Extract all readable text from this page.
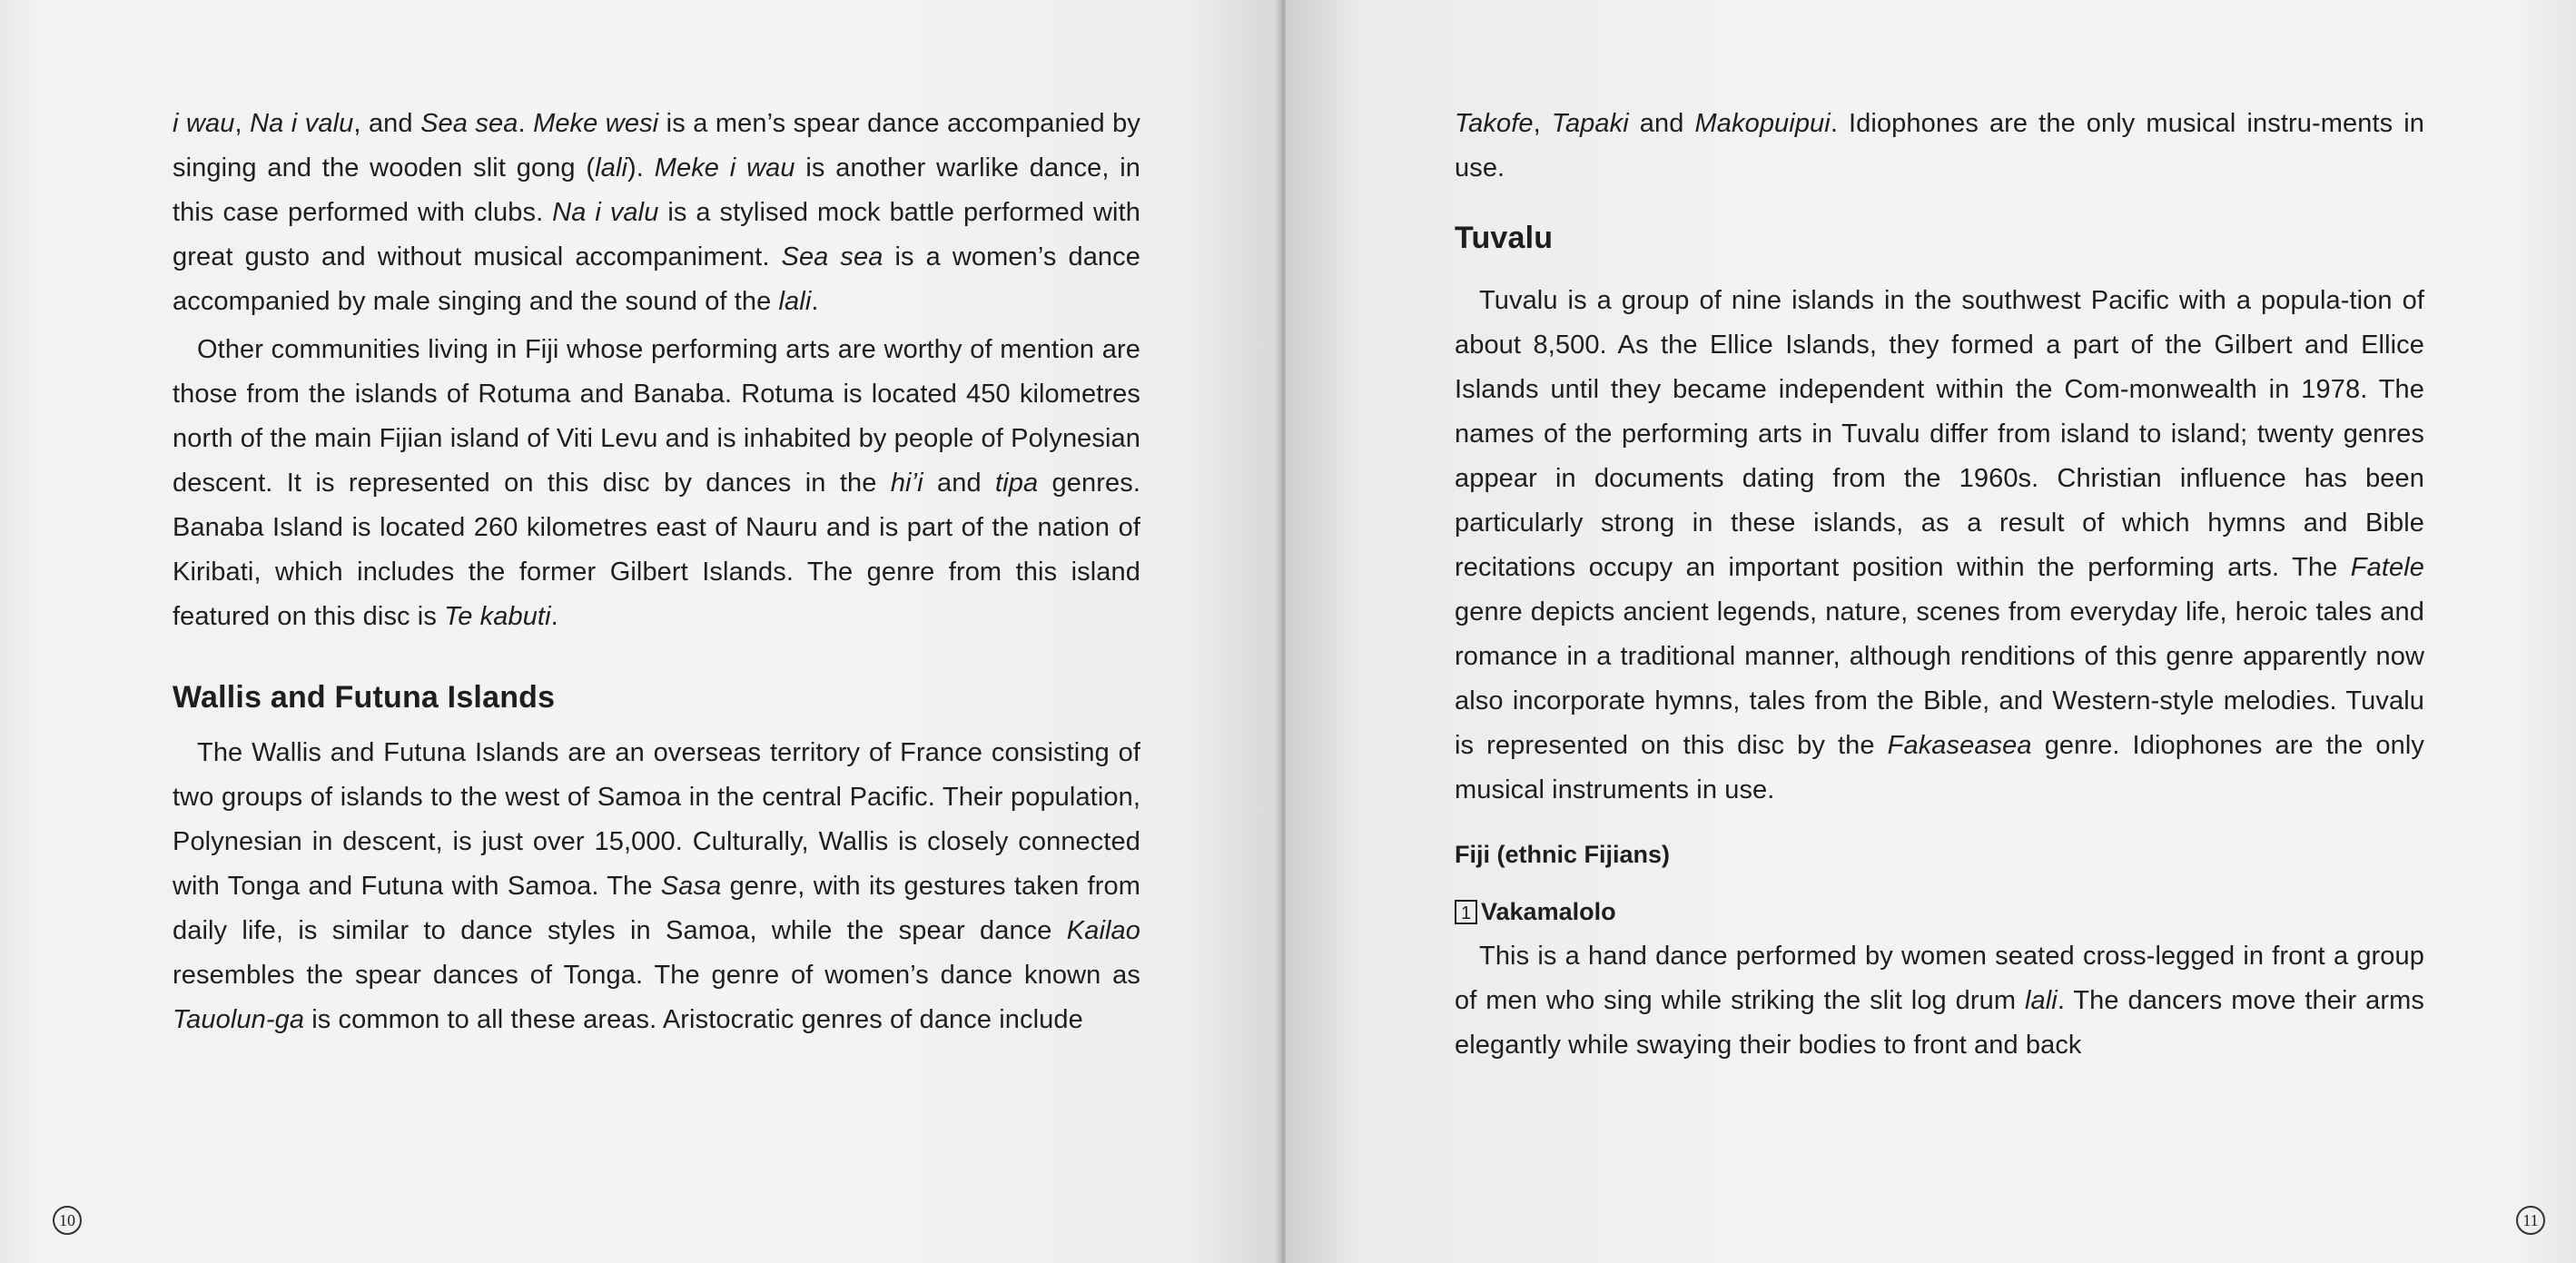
i wau, Na i valu, and Sea sea. Meke wesi is a men’s spear dance accompanied by singing and the wooden slit gong (lali). Meke i wau is another warlike dance, in this case performed with clubs. Na i valu is a stylised mock battle performed with great gusto and without musical accompaniment. Sea sea is a women’s dance accompanied by male singing and the sound of the lali.

Other communities living in Fiji whose performing arts are worthy of mention are those from the islands of Rotuma and Banaba. Rotuma is located 450 kilometres north of the main Fijian island of Viti Levu and is inhabited by people of Polynesian descent. It is represented on this disc by dances in the hi’i and tipa genres. Banaba Island is located 260 kilometres east of Nauru and is part of the nation of Kiribati, which includes the former Gilbert Islands. The genre from this island featured on this disc is Te kabuti.

Wallis and Futuna Islands

The Wallis and Futuna Islands are an overseas territory of France consisting of two groups of islands to the west of Samoa in the central Pacific. Their population, Polynesian in descent, is just over 15,000. Culturally, Wallis is closely connected with Tonga and Futuna with Samoa. The Sasa genre, with its gestures taken from daily life, is similar to dance styles in Samoa, while the spear dance Kailao resembles the spear dances of Tonga. The genre of women’s dance known as Tauolun-ga is common to all these areas. Aristocratic genres of dance include

10

Takofe, Tapaki and Makopuipui. Idiophones are the only musical instru-ments in use.

Tuvalu

Tuvalu is a group of nine islands in the southwest Pacific with a popula-tion of about 8,500. As the Ellice Islands, they formed a part of the Gilbert and Ellice Islands until they became independent within the Com-monwealth in 1978. The names of the performing arts in Tuvalu differ from island to island; twenty genres appear in documents dating from the 1960s. Christian influence has been particularly strong in these islands, as a result of which hymns and Bible recitations occupy an important position within the performing arts. The Fatele genre depicts ancient legends, nature, scenes from everyday life, heroic tales and romance in a traditional manner, although renditions of this genre apparently now also incorporate hymns, tales from the Bible, and Western-style melodies. Tuvalu is represented on this disc by the Fakaseasea genre. Idiophones are the only musical instruments in use.

Fiji (ethnic Fijians)
1 Vakamalolo

This is a hand dance performed by women seated cross-legged in front a group of men who sing while striking the slit log drum lali. The dancers move their arms elegantly while swaying their bodies to front and back

11
